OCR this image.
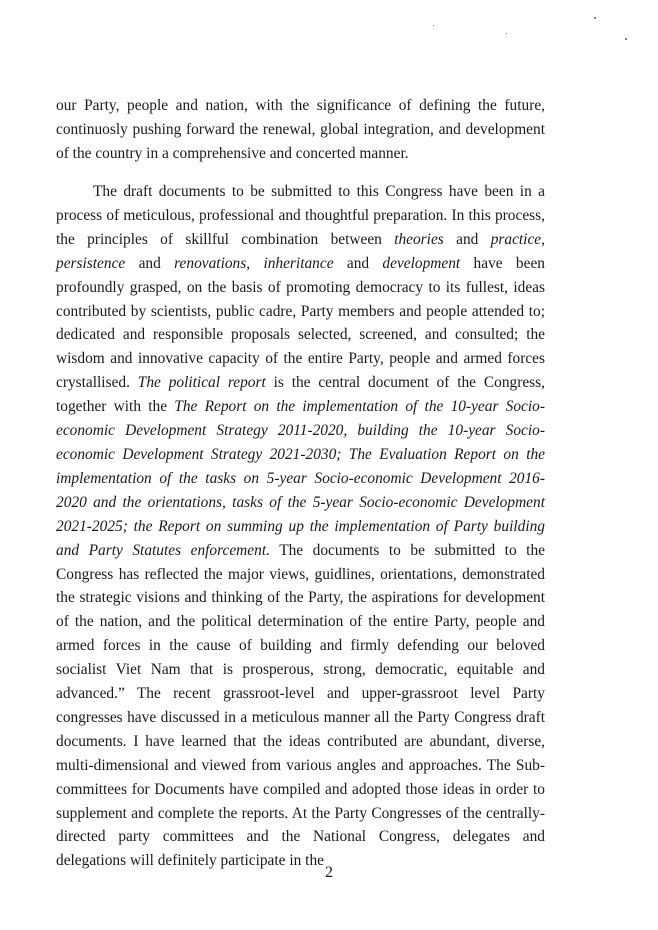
our Party, people and nation, with the significance of defining the future, continuosly pushing forward the renewal, global integration, and development of the country in a comprehensive and concerted manner.

The draft documents to be submitted to this Congress have been in a process of meticulous, professional and thoughtful preparation. In this process, the principles of skillful combination between theories and practice, persistence and renovations, inheritance and development have been profoundly grasped, on the basis of promoting democracy to its fullest, ideas contributed by scientists, public cadre, Party members and people attended to; dedicated and responsible proposals selected, screened, and consulted; the wisdom and innovative capacity of the entire Party, people and armed forces crystallised. The political report is the central document of the Congress, together with the The Report on the implementation of the 10-year Socio-economic Development Strategy 2011-2020, building the 10-year Socio-economic Development Strategy 2021-2030; The Evaluation Report on the implementation of the tasks on 5-year Socio-economic Development 2016-2020 and the orientations, tasks of the 5-year Socio-economic Development 2021-2025; the Report on summing up the implementation of Party building and Party Statutes enforcement. The documents to be submitted to the Congress has reflected the major views, guidlines, orientations, demonstrated the strategic visions and thinking of the Party, the aspirations for development of the nation, and the political determination of the entire Party, people and armed forces in the cause of building and firmly defending our beloved socialist Viet Nam that is prosperous, strong, democratic, equitable and advanced.” The recent grassroot-level and upper-grassroot level Party congresses have discussed in a meticulous manner all the Party Congress draft documents. I have learned that the ideas contributed are abundant, diverse, multi-dimensional and viewed from various angles and approaches. The Sub-committees for Documents have compiled and adopted those ideas in order to supplement and complete the reports. At the Party Congresses of the centrally-directed party committees and the National Congress, delegates and delegations will definitely participate in the

2
